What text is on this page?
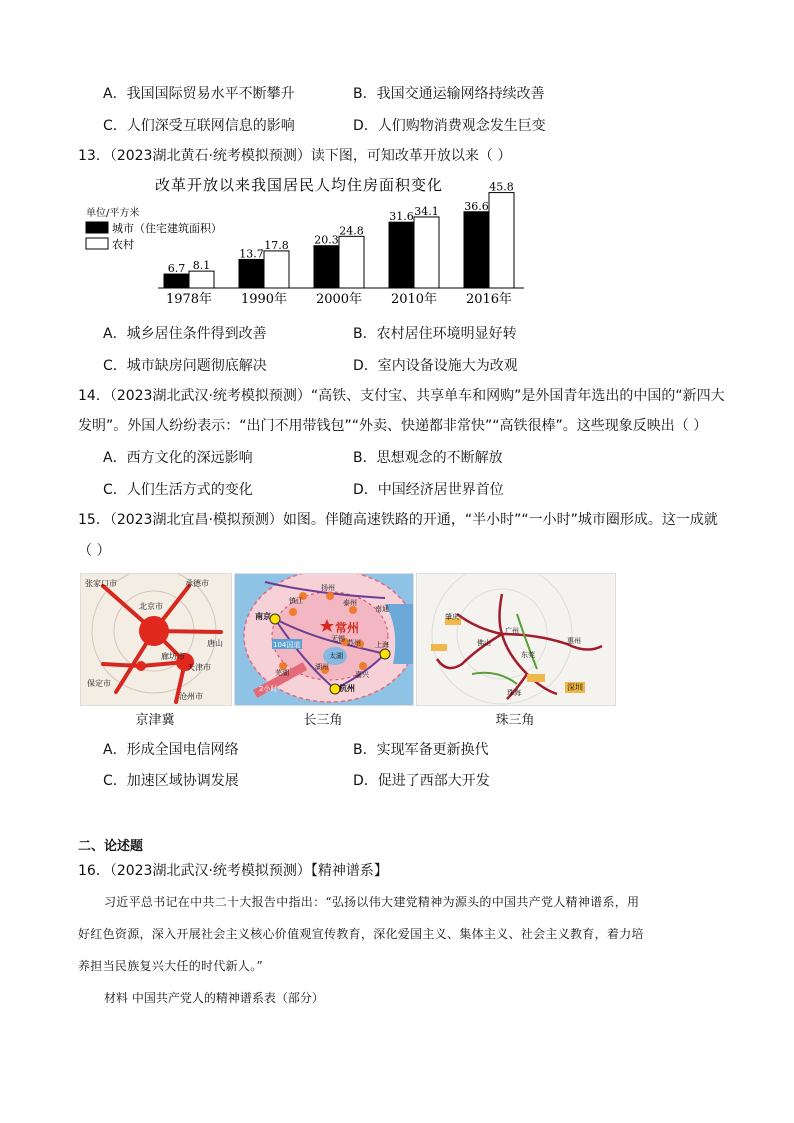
A．我国国际贸易水平不断攀升	B．我国交通运输网络持续改善
C．人们深受互联网信息的影响	D．人们购物消费观念发生巨变
13．（2023湖北黄石·统考模拟预测）读下图，可知改革开放以来（ ）
改革开放以来我国居民人均住房面积变化
单位/平方米
城市（住宅建筑面积）
农村
6.7 8.1
13.7
17.8 20.3
24.8
31.6 34.1 36.6
45.8
1978年 1990年 2000年 2010年 2016年
A．城乡居住条件得到改善	B．农村居住环境明显好转
C．城市缺房问题彻底解决	D．室内设备设施大为改观
14．（2023湖北武汉·统考模拟预测）“高铁、支付宝、共享单车和网购”是外国青年选出的中国的“新四大
发明”。外国人纷纷表示：“出门不用带钱包”“外卖、快递都非常快”“高铁很棒”。这些现象反映出（ ）
A．西方文化的深远影响	B．思想观念的不断解放
C．人们生活方式的变化	D．中国经济居世界首位
15．（2023湖北宜昌·模拟预测）如图。伴随高速铁路的开通，“半小时”“一小时”城市圈形成。这一成就
（ ）
张家口市	承德市
北京市
廊坊市
天津市
唐山
保定市
沧州市
京津冀
镇江
扬州
泰州
南京
常州
无锡 苏州 上海
南通
湖州
嘉兴
杭州
芜湖
104国道
太湖
2小时
长三角
广州
佛山
东莞
深圳
惠州
肇庆
珠海
珠三角
A．形成全国电信网络	B．实现军备更新换代
C．加速区域协调发展	D．促进了西部大开发
二、论述题
16．（2023湖北武汉·统考模拟预测）【精神谱系】
习近平总书记在中共二十大报告中指出：“弘扬以伟大建党精神为源头的中国共产党人精神谱系，用
好红色资源，深入开展社会主义核心价值观宣传教育，深化爱国主义、集体主义、社会主义教育，着力培
养担当民族复兴大任的时代新人。”
材料 中国共产党人的精神谱系表（部分）
